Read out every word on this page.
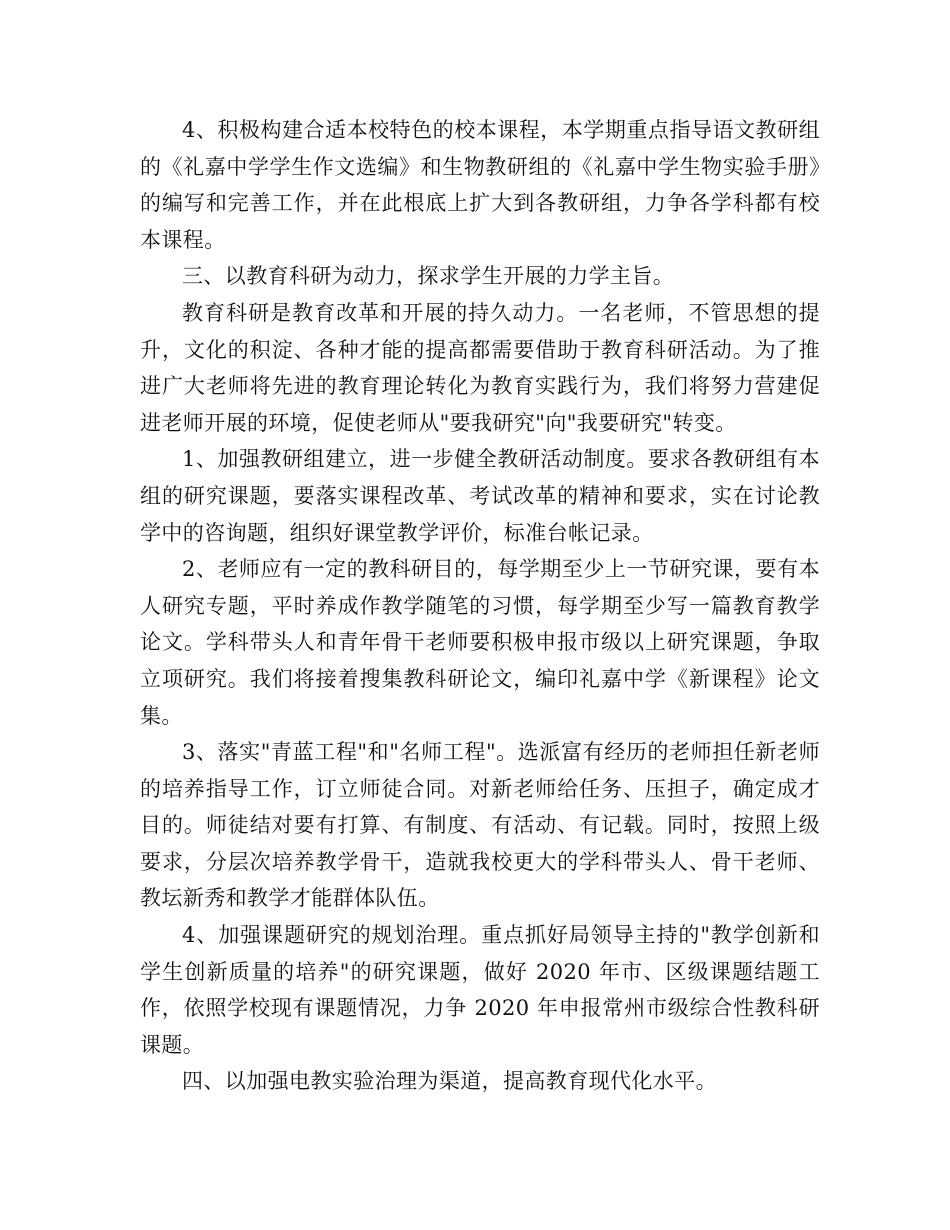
4、积极构建合适本校特色的校本课程，本学期重点指导语文教研组的《礼嘉中学学生作文选编》和生物教研组的《礼嘉中学生物实验手册》的编写和完善工作，并在此根底上扩大到各教研组，力争各学科都有校本课程。

三、以教育科研为动力，探求学生开展的力学主旨。

教育科研是教育改革和开展的持久动力。一名老师，不管思想的提升，文化的积淀、各种才能的提高都需要借助于教育科研活动。为了推进广大老师将先进的教育理论转化为教育实践行为，我们将努力营建促进老师开展的环境，促使老师从"要我研究"向"我要研究"转变。

1、加强教研组建立，进一步健全教研活动制度。要求各教研组有本组的研究课题，要落实课程改革、考试改革的精神和要求，实在讨论教学中的咨询题，组织好课堂教学评价，标准台帐记录。

2、老师应有一定的教科研目的，每学期至少上一节研究课，要有本人研究专题，平时养成作教学随笔的习惯，每学期至少写一篇教育教学论文。学科带头人和青年骨干老师要积极申报市级以上研究课题，争取立项研究。我们将接着搜集教科研论文，编印礼嘉中学《新课程》论文集。

3、落实"青蓝工程"和"名师工程"。选派富有经历的老师担任新老师的培养指导工作，订立师徒合同。对新老师给任务、压担子，确定成才目的。师徒结对要有打算、有制度、有活动、有记载。同时，按照上级要求，分层次培养教学骨干，造就我校更大的学科带头人、骨干老师、教坛新秀和教学才能群体队伍。

4、加强课题研究的规划治理。重点抓好局领导主持的"教学创新和学生创新质量的培养"的研究课题，做好 2020 年市、区级课题结题工作，依照学校现有课题情况，力争 2020 年申报常州市级综合性教科研课题。

四、以加强电教实验治理为渠道，提高教育现代化水平。
